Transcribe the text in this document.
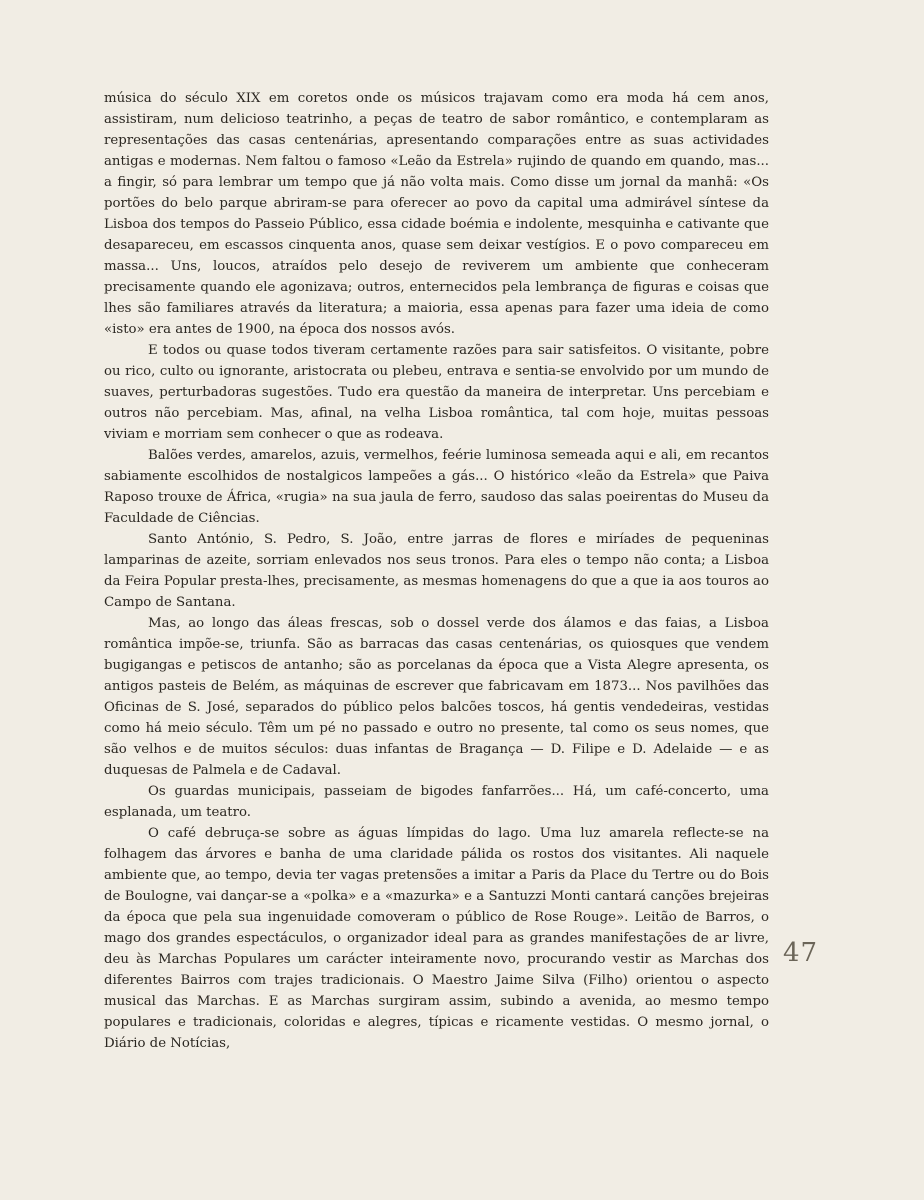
música do século XIX em coretos onde os músicos trajavam como era moda há cem anos, assistiram, num delicioso teatrinho, a peças de teatro de sabor romântico, e contemplaram as representações das casas centenárias, apresentando comparações entre as suas actividades antigas e modernas. Nem faltou o famoso «Leão da Estrela» rujindo de quando em quando, mas... a fingir, só para lembrar um tempo que já não volta mais. Como disse um jornal da manhã: «Os portões do belo parque abriram-se para oferecer ao povo da capital uma admirável síntese da Lisboa dos tempos do Passeio Público, essa cidade boémia e indolente, mesquinha e cativante que desapareceu, em escassos cinquenta anos, quase sem deixar vestígios. E o povo compareceu em massa... Uns, loucos, atraídos pelo desejo de reviverem um ambiente que conheceram precisamente quando ele agonizava; outros, enternecidos pela lembrança de figuras e coisas que lhes são familiares através da literatura; a maioria, essa apenas para fazer uma ideia de como «isto» era antes de 1900, na época dos nossos avós.

E todos ou quase todos tiveram certamente razões para sair satisfeitos. O visitante, pobre ou rico, culto ou ignorante, aristocrata ou plebeu, entrava e sentia-se envolvido por um mundo de suaves, perturbadoras sugestões. Tudo era questão da maneira de interpretar. Uns percebiam e outros não percebiam. Mas, afinal, na velha Lisboa romântica, tal com hoje, muitas pessoas viviam e morriam sem conhecer o que as rodeava.

Balões verdes, amarelos, azuis, vermelhos, feérie luminosa semeada aqui e ali, em recantos sabiamente escolhidos de nostalgicos lampeões a gás... O histórico «leão da Estrela» que Paiva Raposo trouxe de África, «rugia» na sua jaula de ferro, saudoso das salas poeirentas do Museu da Faculdade de Ciências.

Santo António, S. Pedro, S. João, entre jarras de flores e miríades de pequeninas lamparinas de azeite, sorriam enlevados nos seus tronos. Para eles o tempo não conta; a Lisboa da Feira Popular presta-lhes, precisamente, as mesmas homenagens do que a que ia aos touros ao Campo de Santana.

Mas, ao longo das áleas frescas, sob o dossel verde dos álamos e das faias, a Lisboa romântica impõe-se, triunfa. São as barracas das casas centenárias, os quiosques que vendem bugigangas e petiscos de antanho; são as porcelanas da época que a Vista Alegre apresenta, os antigos pasteis de Belém, as máquinas de escrever que fabricavam em 1873... Nos pavilhões das Oficinas de S. José, separados do público pelos balcões toscos, há gentis vendedeiras, vestidas como há meio século. Têm um pé no passado e outro no presente, tal como os seus nomes, que são velhos e de muitos séculos: duas infantas de Bragança — D. Filipe e D. Adelaide — e as duquesas de Palmela e de Cadaval.

Os guardas municipais, passeiam de bigodes fanfarrões... Há, um café-concerto, uma esplanada, um teatro.

O café debruça-se sobre as águas límpidas do lago. Uma luz amarela reflecte-se na folhagem das árvores e banha de uma claridade pálida os rostos dos visitantes. Ali naquele ambiente que, ao tempo, devia ter vagas pretensões a imitar a Paris da Place du Tertre ou do Bois de Boulogne, vai dançar-se a «polka» e a «mazurka» e a Santuzzi Monti cantará canções brejeiras da época que pela sua ingenuidade comoveram o público de Rose Rouge». Leitão de Barros, o mago dos grandes espectáculos, o organizador ideal para as grandes manifestações de ar livre, deu às Marchas Populares um carácter inteiramente novo, procurando vestir as Marchas dos diferentes Bairros com trajes tradicionais. O Maestro Jaime Silva (Filho) orientou o aspecto musical das Marchas. E as Marchas surgiram assim, subindo a avenida, ao mesmo tempo populares e tradicionais, coloridas e alegres, típicas e ricamente vestidas. O mesmo jornal, o Diário de Notícias,

47
